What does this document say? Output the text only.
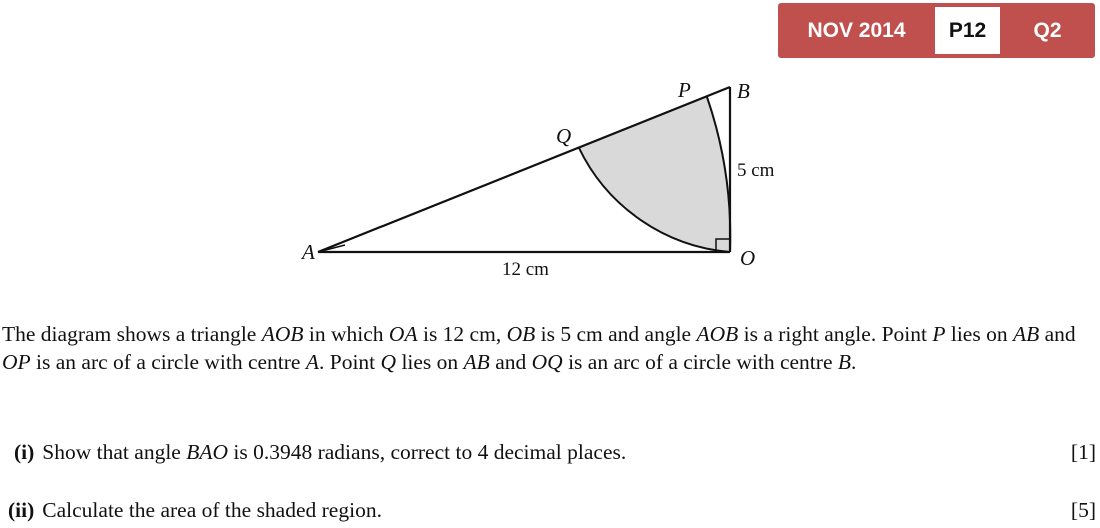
NOV 2014	P12	Q2
A	O
B
P
Q
12 cm
5 cm

The diagram shows a triangle AOB in which OA is 12 cm, OB is 5 cm and angle AOB is a right angle. Point P lies on AB and OP is an arc of a circle with centre A. Point Q lies on AB and OQ is an arc of a circle with centre B.

(i) Show that angle BAO is 0.3948 radians, correct to 4 decimal places.	[1]
(ii) Calculate the area of the shaded region.	[5]
